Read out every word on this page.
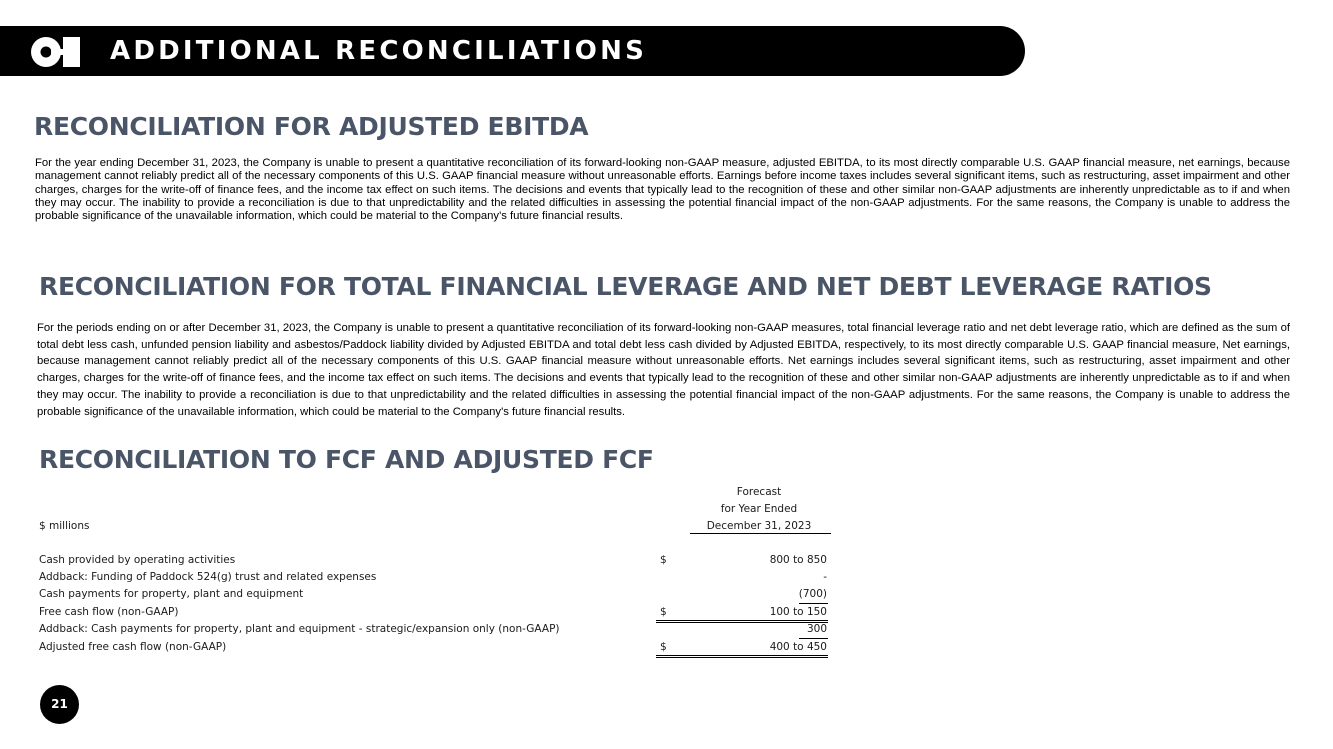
ADDITIONAL RECONCILIATIONS
RECONCILIATION FOR ADJUSTED EBITDA

For the year ending December 31, 2023, the Company is unable to present a quantitative reconciliation of its forward-looking non-GAAP measure, adjusted EBITDA, to its most directly comparable U.S. GAAP financial measure, net earnings, because management cannot reliably predict all of the necessary components of this U.S. GAAP financial measure without unreasonable efforts. Earnings before income taxes includes several significant items, such as restructuring, asset impairment and other charges, charges for the write-off of finance fees, and the income tax effect on such items. The decisions and events that typically lead to the recognition of these and other similar non-GAAP adjustments are inherently unpredictable as to if and when they may occur. The inability to provide a reconciliation is due to that unpredictability and the related difficulties in assessing the potential financial impact of the non-GAAP adjustments. For the same reasons, the Company is unable to address the probable significance of the unavailable information, which could be material to the Company's future financial results.

RECONCILIATION FOR TOTAL FINANCIAL LEVERAGE AND NET DEBT LEVERAGE RATIOS

For the periods ending on or after December 31, 2023, the Company is unable to present a quantitative reconciliation of its forward-looking non-GAAP measures, total financial leverage ratio and net debt leverage ratio, which are defined as the sum of total debt less cash, unfunded pension liability and asbestos/Paddock liability divided by Adjusted EBITDA and total debt less cash divided by Adjusted EBITDA, respectively, to its most directly comparable U.S. GAAP financial measure, Net earnings, because management cannot reliably predict all of the necessary components of this U.S. GAAP financial measure without unreasonable efforts. Net earnings includes several significant items, such as restructuring, asset impairment and other charges, charges for the write-off of finance fees, and the income tax effect on such items. The decisions and events that typically lead to the recognition of these and other similar non-GAAP adjustments are inherently unpredictable as to if and when they may occur. The inability to provide a reconciliation is due to that unpredictability and the related difficulties in assessing the potential financial impact of the non-GAAP adjustments. For the same reasons, the Company is unable to address the probable significance of the unavailable information, which could be material to the Company's future financial results.

RECONCILIATION TO FCF AND ADJUSTED FCF
Forecast
for Year Ended
December 31, 2023
$ millions
Cash provided by operating activities	$	800 to 850
Addback: Funding of Paddock 524(g) trust and related expenses	-
Cash payments for property, plant and equipment	(700)
Free cash flow (non-GAAP)	$	100 to 150
Addback: Cash payments for property, plant and equipment - strategic/expansion only (non-GAAP)	300
Adjusted free cash flow (non-GAAP)	$	400 to 450
21
